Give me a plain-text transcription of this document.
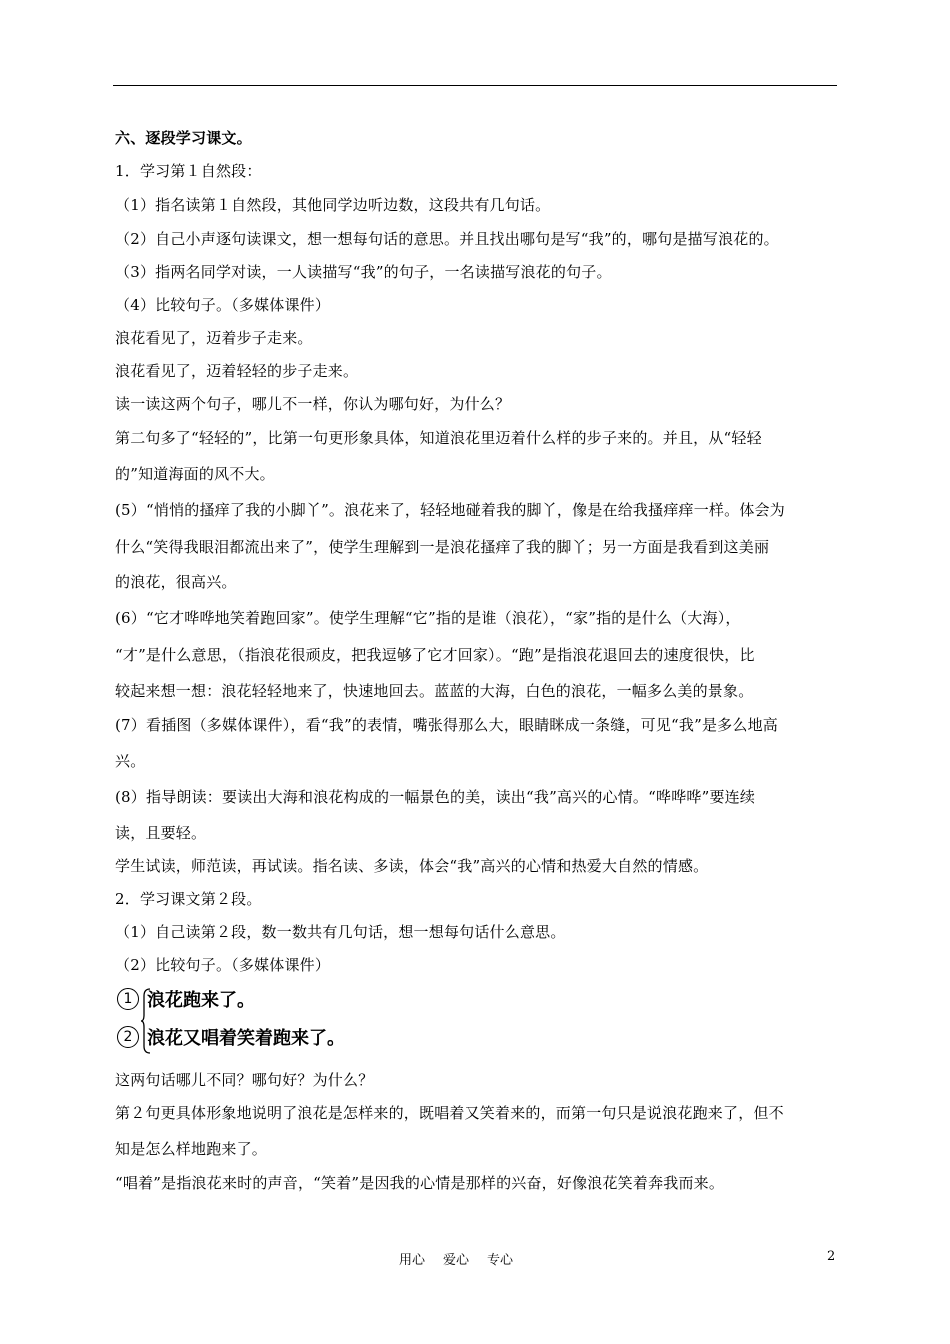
六、逐段学习课文。
1．学习第１自然段：
（1）指名读第１自然段，其他同学边听边数，这段共有几句话。
（2）自己小声逐句读课文，想一想每句话的意思。并且找出哪句是写“我”的，哪句是描写浪花的。
（3）指两名同学对读，一人读描写“我”的句子，一名读描写浪花的句子。
（4）比较句子。（多媒体课件）
浪花看见了，迈着步子走来。
浪花看见了，迈着轻轻的步子走来。
读一读这两个句子，哪儿不一样，你认为哪句好，为什么？
第二句多了“轻轻的”，比第一句更形象具体，知道浪花里迈着什么样的步子来的。并且，从“轻轻
的”知道海面的风不大。
(5）“悄悄的搔痒了我的小脚丫”。浪花来了，轻轻地碰着我的脚丫，像是在给我搔痒痒一样。体会为
什么“笑得我眼泪都流出来了”，使学生理解到一是浪花搔痒了我的脚丫；另一方面是我看到这美丽
的浪花，很高兴。
(6）“它才哗哗地笑着跑回家”。使学生理解“它”指的是谁（浪花），“家”指的是什么（大海），
“才”是什么意思，（指浪花很顽皮，把我逗够了它才回家）。“跑”是指浪花退回去的速度很快，比
较起来想一想：浪花轻轻地来了，快速地回去。蓝蓝的大海，白色的浪花，一幅多么美的景象。
(7）看插图（多媒体课件），看“我”的表情，嘴张得那么大，眼睛眯成一条缝，可见“我”是多么地高
兴。
(8）指导朗读：要读出大海和浪花构成的一幅景色的美，读出“我”高兴的心情。“哗哗哗”要连续
读，且要轻。
学生试读，师范读，再试读。指名读、多读，体会“我”高兴的心情和热爱大自然的情感。
2．学习课文第２段。
（1）自己读第２段，数一数共有几句话，想一想每句话什么意思。
（2）比较句子。（多媒体课件）
1 浪花跑来了。
2 浪花又唱着笑着跑来了。
这两句话哪儿不同？哪句好？为什么？
第２句更具体形象地说明了浪花是怎样来的，既唱着又笑着来的，而第一句只是说浪花跑来了，但不
知是怎么样地跑来了。
“唱着”是指浪花来时的声音，“笑着”是因我的心情是那样的兴奋，好像浪花笑着奔我而来。
用心 爱心 专心	2
